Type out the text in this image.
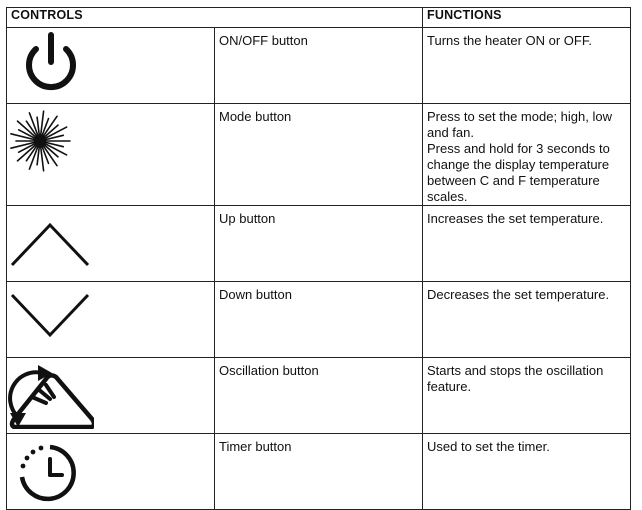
CONTROLS		FUNCTIONS

	ON/OFF button	Turns the heater ON or OFF.

	Mode button	Press to set the mode; high, low and fan.
Press and hold for 3 seconds to change the display temperature
between C and F temperature scales.

	Up button	Increases the set temperature.

	Down button	Decreases the set temperature.

	Oscillation button	Starts and stops the oscillation feature.

	Timer button	Used to set the timer.
